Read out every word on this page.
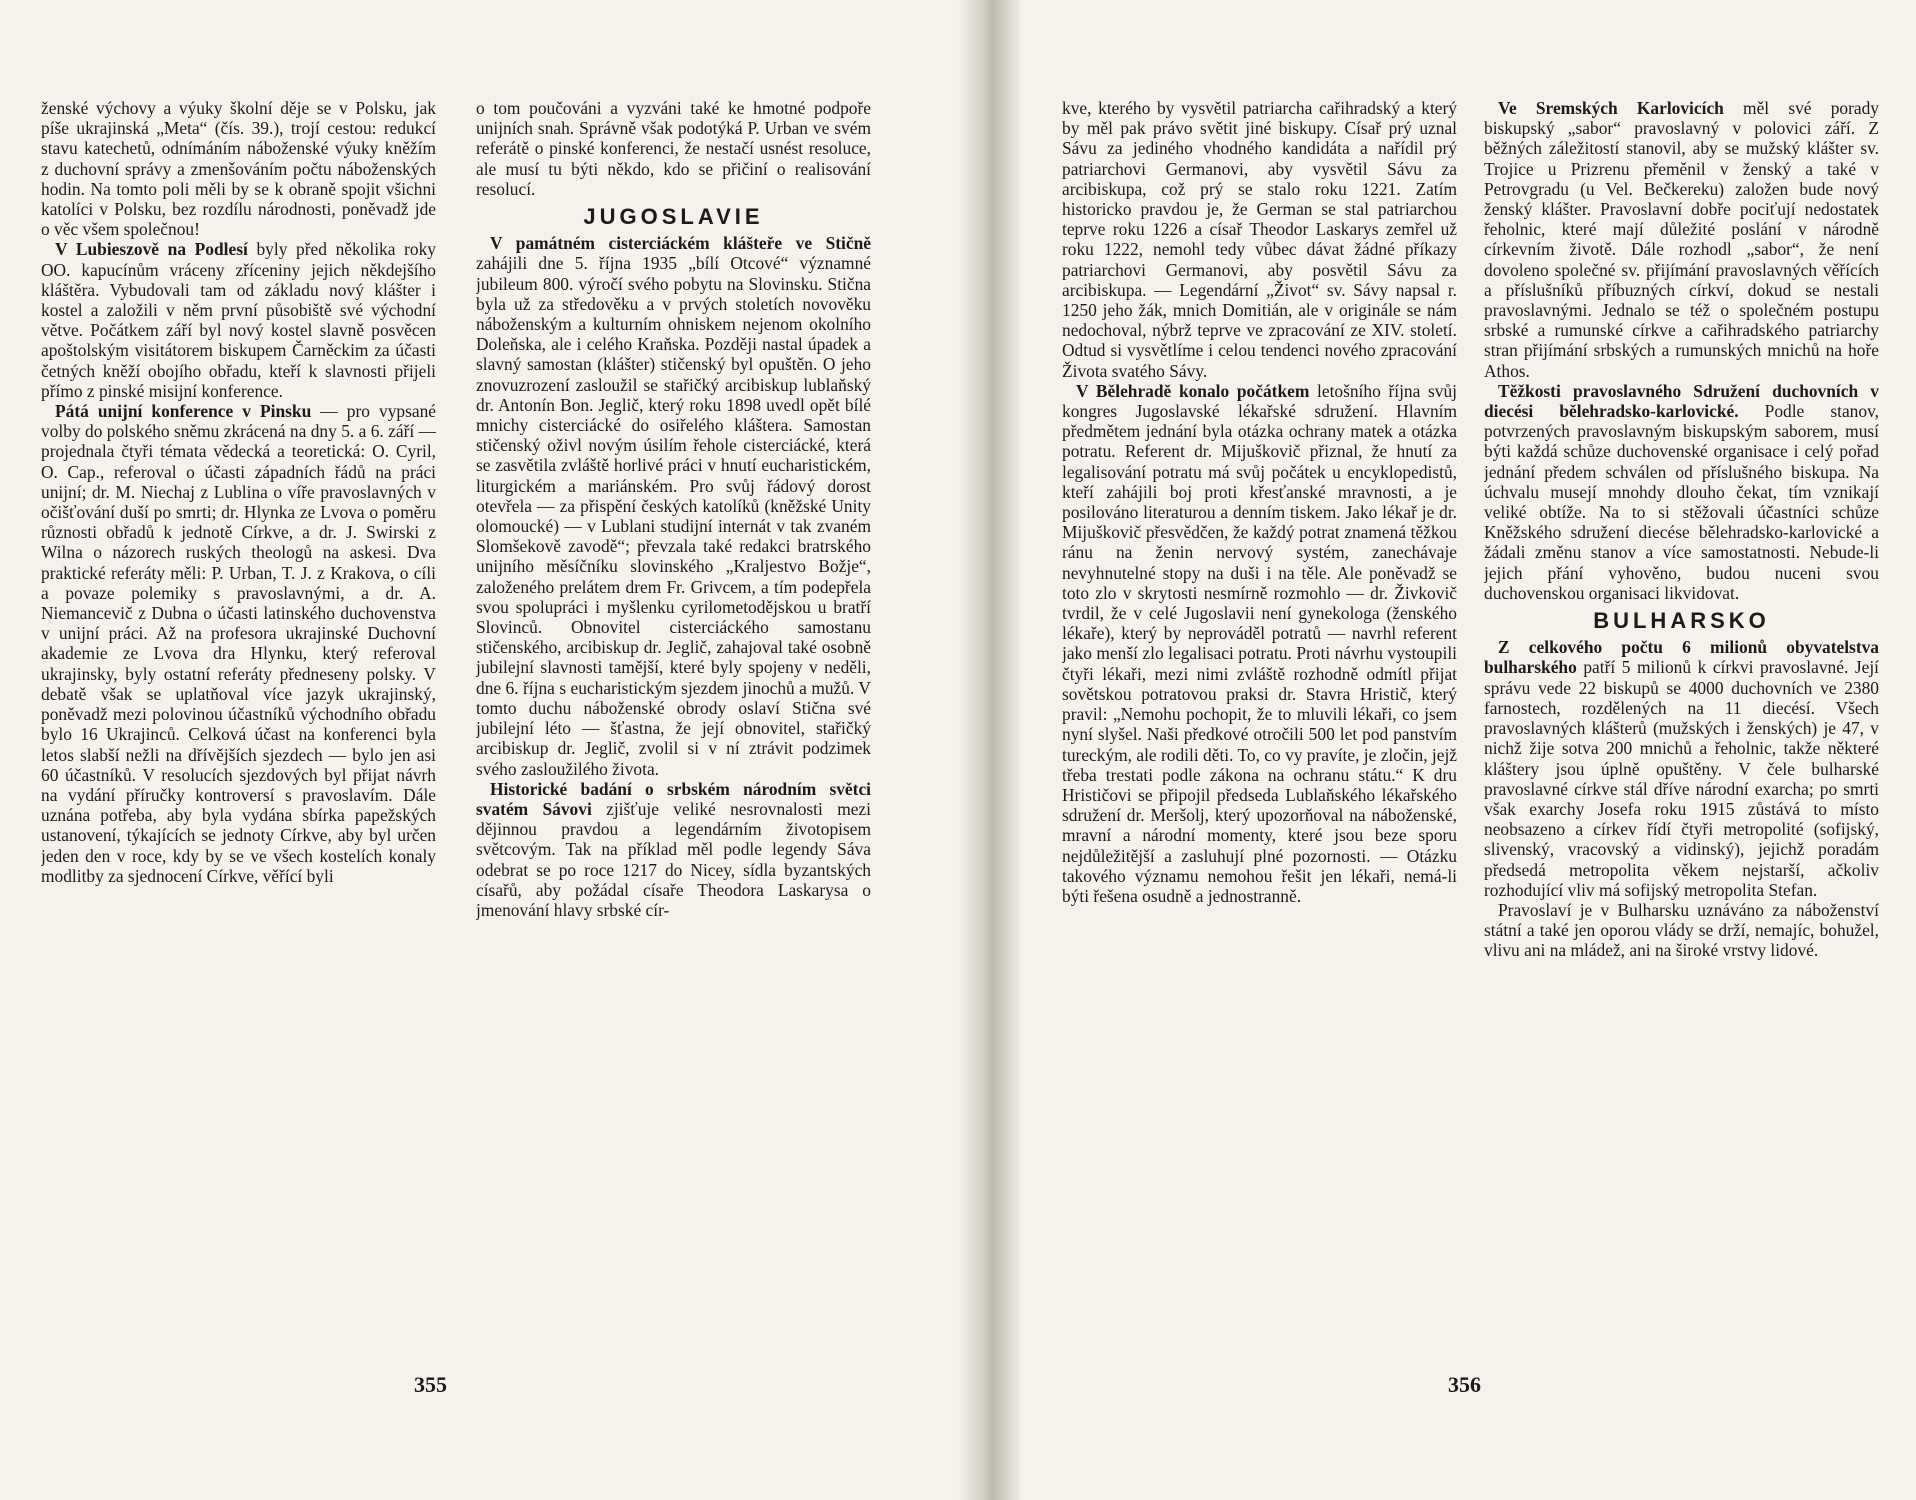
ženské výchovy a výuky školní děje se v Polsku, jak píše ukrajinská „Meta“ (čís. 39.), trojí cestou: redukcí stavu katechetů, odnímáním náboženské výuky kněžím z duchovní správy a zmenšováním počtu náboženských hodin. Na tomto poli měli by se k obraně spojit všichni katolíci v Polsku, bez rozdílu národnosti, poněvadž jde o věc všem společnou!

V Lubieszově na Podlesí byly před několika roky OO. kapucínům vráceny zříceniny jejich někdejšího kláštěra. Vybudovali tam od základu nový klášter i kostel a založili v něm první působiště své východní větve. Počátkem září byl nový kostel slavně posvěcen apoštolským visitátorem biskupem Čarněckim za účasti četných kněží obojího obřadu, kteří k slavnosti přijeli přímo z pinské misijní konference.

Pátá unijní konference v Pinsku — pro vypsané volby do polského sněmu zkrácená na dny 5. a 6. září — projednala čtyři témata vědecká a teoretická: O. Cyril, O. Cap., referoval o účasti západních řádů na práci unijní; dr. M. Niechaj z Lublina o víře pravoslavných v očišťování duší po smrti; dr. Hlynka ze Lvova o poměru různosti obřadů k jednotě Církve, a dr. J. Swirski z Wilna o názorech ruských theologů na askesi. Dva praktické referáty měli: P. Urban, T. J. z Krakova, o cíli a povaze polemiky s pravoslavnými, a dr. A. Niemancevič z Dubna o účasti latinského duchovenstva v unijní práci. Až na profesora ukrajinské Duchovní akademie ze Lvova dra Hlynku, který referoval ukrajinsky, byly ostatní referáty předneseny polsky. V debatě však se uplatňoval více jazyk ukrajinský, poněvadž mezi polovinou účastníků východního obřadu bylo 16 Ukrajinců. Celková účast na konferenci byla letos slabší nežli na dřívějších sjezdech — bylo jen asi 60 účastníků. V resolucích sjezdových byl přijat návrh na vydání příručky kontroversí s pravoslavím. Dále uznána potřeba, aby byla vydána sbírka papežských ustanovení, týkajících se jednoty Církve, aby byl určen jeden den v roce, kdy by se ve všech kostelích konaly modlitby za sjednocení Církve, věřící byli

o tom poučováni a vyzváni také ke hmotné podpoře unijních snah. Správně však podotýká P. Urban ve svém referátě o pinské konferenci, že nestačí usnést resoluce, ale musí tu býti někdo, kdo se přičiní o realisování resolucí.

JUGOSLAVIE

V památném cisterciáckém klášteře ve Stičně zahájili dne 5. října 1935 „bílí Otcové“ významné jubileum 800. výročí svého pobytu na Slovinsku. Stična byla už za středověku a v prvých stoletích novověku náboženským a kulturním ohniskem nejenom okolního Doleňska, ale i celého Kraňska. Později nastal úpadek a slavný samostan (klášter) stičenský byl opuštěn. O jeho znovuzrození zasloužil se stařičký arcibiskup lublaňský dr. Antonín Bon. Jeglič, který roku 1898 uvedl opět bílé mnichy cisterciácké do osiřelého kláštera. Samostan stičenský oživl novým úsilím řehole cisterciácké, která se zasvětila zvláště horlivé práci v hnutí eucharistickém, liturgickém a mariánském. Pro svůj řádový dorost otevřela — za přispění českých katolíků (kněžské Unity olomoucké) — v Lublani studijní internát v tak zvaném Slomšekově zavodě“; převzala také redakci bratrského unijního měsíčníku slovinského „Kraljestvo Božje“, založeného prelátem drem Fr. Grivcem, a tím podepřela svou spolupráci i myšlenku cyrilometodějskou u bratří Slovinců. Obnovitel cisterciáckého samostanu stičenského, arcibiskup dr. Jeglič, zahajoval také osobně jubilejní slavnosti tamější, které byly spojeny v neděli, dne 6. října s eucharistickým sjezdem jinochů a mužů. V tomto duchu náboženské obrody oslaví Stična své jubilejní léto — šťastna, že její obnovitel, stařičký arcibiskup dr. Jeglič, zvolil si v ní ztrávit podzimek svého zasloužilého života.

Historické badání o srbském národním světci svatém Sávovi zjišťuje veliké nesrovnalosti mezi dějinnou pravdou a legendárním životopisem světcovým. Tak na příklad měl podle legendy Sáva odebrat se po roce 1217 do Nicey, sídla byzantských císařů, aby požádal císaře Theodora Laskarysa o jmenování hlavy srbské cír-

355

kve, kterého by vysvětil patriarcha cařihradský a který by měl pak právo světit jiné biskupy. Císař prý uznal Sávu za jediného vhodného kandidáta a nařídil prý patriarchovi Germanovi, aby vysvětil Sávu za arcibiskupa, což prý se stalo roku 1221. Zatím historicko pravdou je, že German se stal patriarchou teprve roku 1226 a císař Theodor Laskarys zemřel už roku 1222, nemohl tedy vůbec dávat žádné příkazy patriarchovi Germanovi, aby posvětil Sávu za arcibiskupa. — Legendární „Život“ sv. Sávy napsal r. 1250 jeho žák, mnich Domitián, ale v originále se nám nedochoval, nýbrž teprve ve zpracování ze XIV. století. Odtud si vysvětlíme i celou tendenci nového zpracování Života svatého Sávy.

V Bělehradě konalo počátkem letošního října svůj kongres Jugoslavské lékařské sdružení. Hlavním předmětem jednání byla otázka ochrany matek a otázka potratu. Referent dr. Mijuškovič přiznal, že hnutí za legalisování potratu má svůj počátek u encyklopedistů, kteří zahájili boj proti křesťanské mravnosti, a je posilováno literaturou a denním tiskem. Jako lékař je dr. Mijuškovič přesvědčen, že každý potrat znamená těžkou ránu na ženin nervový systém, zanechávaje nevyhnutelné stopy na duši i na těle. Ale poněvadž se toto zlo v skrytosti nesmírně rozmohlo — dr. Živkovič tvrdil, že v celé Jugoslavii není gynekologa (ženského lékaře), který by neprováděl potratů — navrhl referent jako menší zlo legalisaci potratu. Proti návrhu vystoupili čtyři lékaři, mezi nimi zvláště rozhodně odmítl přijat sovětskou potratovou praksi dr. Stavra Hristič, který pravil: „Nemohu pochopit, že to mluvili lékaři, co jsem nyní slyšel. Naši předkové otročili 500 let pod panstvím tureckým, ale rodili děti. To, co vy pravíte, je zločin, jejž třeba trestati podle zákona na ochranu státu.“ K dru Hrističovi se připojil předseda Lublaňského lékařského sdružení dr. Meršolj, který upozorňoval na náboženské, mravní a národní momenty, které jsou beze sporu nejdůležitější a zasluhují plné pozornosti. — Otázku takového významu nemohou řešit jen lékaři, nemá-li býti řešena osudně a jednostranně.

Ve Sremských Karlovicích měl své porady biskupský „sabor“ pravoslavný v polovici září. Z běžných záležitostí stanovil, aby se mužský klášter sv. Trojice u Prizrenu přeměnil v ženský a také v Petrovgradu (u Vel. Bečkereku) založen bude nový ženský klášter. Pravoslavní dobře pociťují nedostatek řeholnic, které mají důležité poslání v národně církevním životě. Dále rozhodl „sabor“, že není dovoleno společné sv. přijímání pravoslavných věřících a příslušníků příbuzných církví, dokud se nestali pravoslavnými. Jednalo se též o společném postupu srbské a rumunské církve a cařihradského patriarchy stran přijímání srbských a rumunských mnichů na hoře Athos.

Těžkosti pravoslavného Sdružení duchovních v diecési bělehradsko-karlovické. Podle stanov, potvrzených pravoslavným biskupským saborem, musí býti každá schůze duchovenské organisace i celý pořad jednání předem schválen od příslušného biskupa. Na úchvalu musejí mnohdy dlouho čekat, tím vznikají veliké obtíže. Na to si stěžovali účastníci schůze Kněžského sdružení diecése bělehradsko-karlovické a žádali změnu stanov a více samostatnosti. Nebude-li jejich přání vyhověno, budou nuceni svou duchovenskou organisaci likvidovat.

BULHARSKO

Z celkového počtu 6 milionů obyvatelstva bulharského patří 5 milionů k církvi pravoslavné. Její správu vede 22 biskupů se 4000 duchovních ve 2380 farnostech, rozdělených na 11 diecésí. Všech pravoslavných klášterů (mužských i ženských) je 47, v nichž žije sotva 200 mnichů a řeholnic, takže některé kláštery jsou úplně opuštěny. V čele bulharské pravoslavné církve stál dříve národní exarcha; po smrti však exarchy Josefa roku 1915 zůstává to místo neobsazeno a církev řídí čtyři metropolité (sofijský, slivenský, vracovský a vidinský), jejichž poradám předsedá metropolita věkem nejstarší, ačkoliv rozhodující vliv má sofijský metropolita Stefan.

Pravoslaví je v Bulharsku uznáváno za náboženství státní a také jen oporou vlády se drží, nemajíc, bohužel, vlivu ani na mládež, ani na široké vrstvy lidové.

356
